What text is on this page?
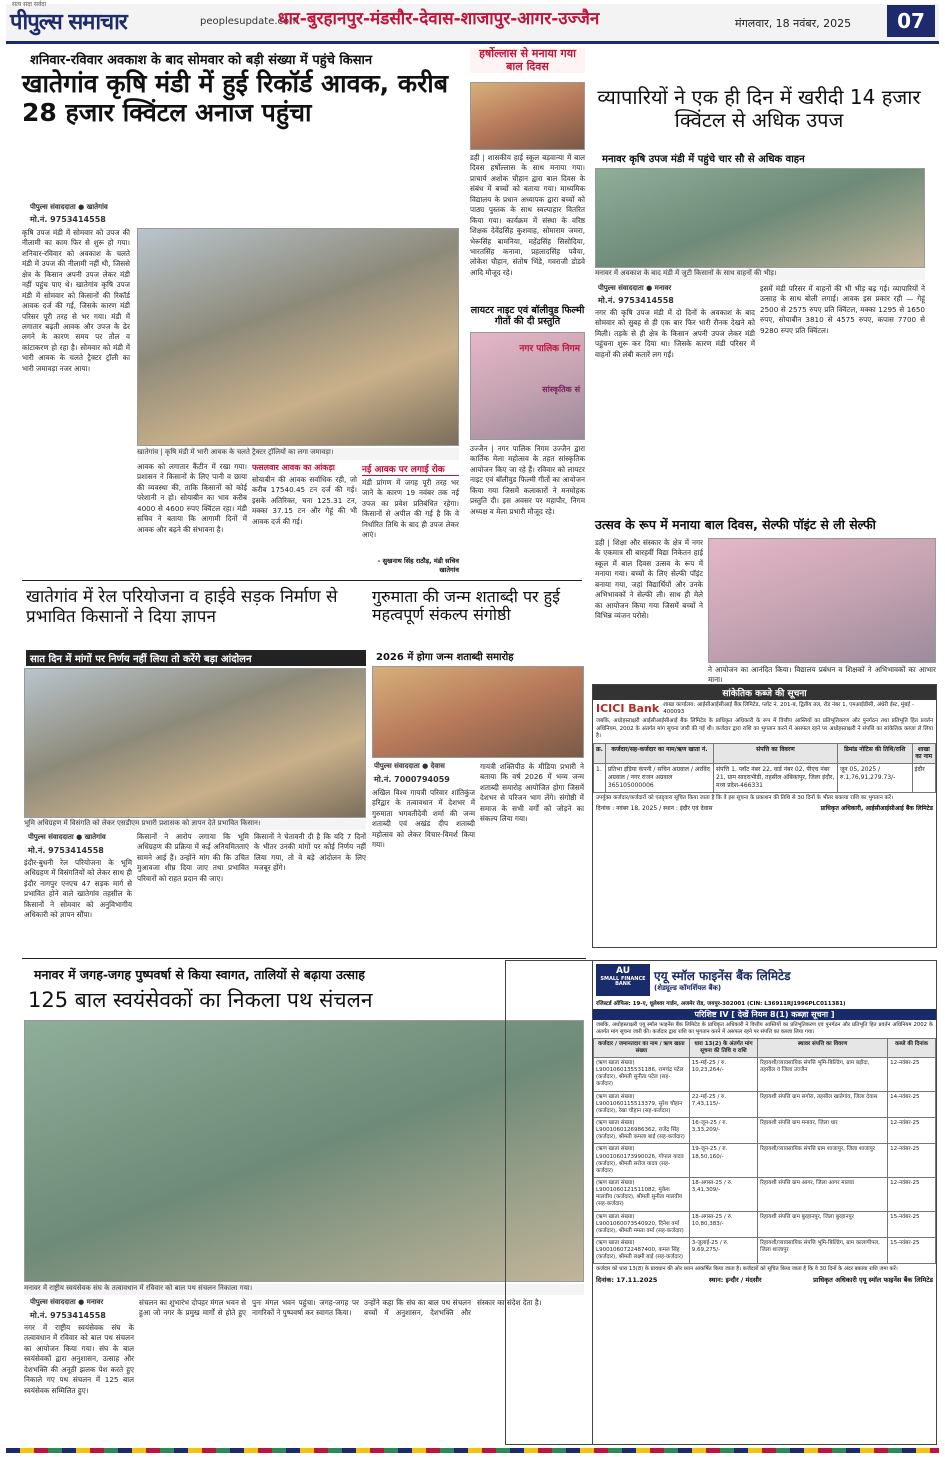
सत्य सदा सर्वदा
पीपुल्स समाचार	peoplesupdate.com
धार-बुरहानपुर-मंडसौर-देवास-शाजापुर-आगर-उज्जैन	मंगलवार, 18 नवंबर, 2025	07
शनिवार-रविवार अवकाश के बाद सोमवार को बड़ी संख्या में पहुंचे किसान
खातेगांव कृषि मंडी में हुई रिकॉर्ड आवक, करीब 28 हजार क्विंटल अनाज पहुंचा
पीपुल्स संवाददाता ● खातेगांव
मो.नं. 9753414558
कृषि उपज मंडी में सोमवार को उपज की नीलामी का काम फिर से शुरू हो गया। शनिवार-रविवार को अवकाश के चलते मंडी में उपज की नीलामी नहीं थी, जिससे क्षेत्र के किसान अपनी उपज लेकर मंडी नहीं पहुंच पाए थे। खातेगांव कृषि उपज मंडी में सोमवार को किसानों की रिकॉर्ड आवक दर्ज की गई, जिसके कारण मंडी परिसर पूरी तरह से भर गया। मंडी में लगातार बढ़ती आवक और उपज के ढेर लगने के कारण समय पर तौल व कांटाकरण हो रहा है। सोमवार को मंडी में भारी आवक के चलते ट्रैक्टर ट्रॉली का भारी जमावड़ा नजर आया।
खातेगांव | कृषि मंडी में भारी आवक के चलते ट्रैक्टर ट्रॉलियों का लगा जमावड़ा।
आवक को लगातार कैंटीन में रखा गया। प्रशासन ने किसानों के लिए पानी व छाया की व्यवस्था की, ताकि किसानों को कोई परेशानी न हो। सोयाबीन का भाव करीब 4000 से 4600 रुपए क्विंटल रहा। मंडी सचिव ने बताया कि आगामी दिनों में आवक और बढ़ने की संभावना है।
फसलवार आवक का आंकड़ा
सोयाबीन की आवक सर्वाधिक रही, जो करीब 17540.45 टन दर्ज की गई। इसके अतिरिक्त, चना 125.31 टन, मक्का 37.15 टन और गेहूं की भी आवक दर्ज की गई।
नई आवक पर लगाई रोक
मंडी प्रांगण में जगह पूरी तरह भर जाने के कारण 19 नवंबर तक नई उपज का प्रवेश प्रतिबंधित रहेगा। किसानों से अपील की गई है कि वे निर्धारित तिथि के बाद ही उपज लेकर आएं।
- सुखनाथ सिंह राठौड़, मंडी सचिव खातेगांव
हर्षोल्लास से मनाया गया बाल दिवस
डही | शासकीय हाई स्कूल बड़वान्या में बाल दिवस हर्षोल्लास के साथ मनाया गया। प्राचार्य अशोक चौहान द्वारा बाल दिवस के संबंध में बच्चों को बताया गया। माध्यमिक विद्यालय के प्रधान अध्यापक द्वारा बच्चों को पाठ्य पुस्तक के साथ स्वल्पाहार वितरित किया गया। कार्यक्रम में संस्था के वरिष्ठ शिक्षक देवेंद्रसिंह कुशवाह, सोमाराम जमरा, भेरूसिंह बामनिया, महेंद्रसिंह सिसोदिया, भारतसिंह कनावा, प्रहलादसिंह पवैया, लोकेश चौहान, संतोष भिंडे, गवराजी डोडवे आदि मौजूद रहे।
लायटर नाइट एवं बॉलीवुड फिल्मी गीतों की दी प्रस्तुति
नगर पालिक निगम
सांस्कृतिक सं
उज्जैन | नगर पालिक निगम उज्जैन द्वारा कार्तिक मेला महोत्सव के तहत सांस्कृतिक आयोजन किए जा रहे हैं। रविवार को लायटर नाइट एवं बॉलीवुड फिल्मी गीतों का आयोजन किया गया जिसमें कलाकारों ने मनमोहक प्रस्तुति दी। इस अवसर पर महापौर, निगम अध्यक्ष व मेला प्रभारी मौजूद रहे।
व्यापारियों ने एक ही दिन में खरीदी 14 हजार क्विंटल से अधिक उपज
मनावर कृषि उपज मंडी में पहुंचे चार सौ से अधिक वाहन
मनावर में अवकाश के बाद मंडी में जुटी किसानों के साथ वाहनों की भीड़।
पीपुल्स संवाददाता ● मनावर
मो.नं. 9753414558
नगर की कृषि उपज मंडी में दो दिनों के अवकाश के बाद सोमवार को सुबह से ही एक बार फिर भारी रौनक देखने को मिली। तड़के से ही क्षेत्र के किसान अपनी उपज लेकर मंडी पहुंचना शुरू कर दिया था। जिसके कारण मंडी परिसर में वाहनों की लंबी कतारें लग गईं।
इसमें मंडी परिसर में वाहनों की भी भीड़ बढ़ गई। व्यापारियों ने उत्साह के साथ बोली लगाई। आवक इस प्रकार रही — गेहूं 2500 से 2575 रुपए प्रति क्विंटल, मक्का 1295 से 1650 रुपए, सोयाबीन 3810 से 4575 रुपए, कपास 7700 से 9280 रुपए प्रति क्विंटल।
उत्सव के रूप में मनाया बाल दिवस, सेल्फी पॉइंट से ली सेल्फी
डही | शिक्षा और संस्कार के क्षेत्र में नगर के एकमात्र सी बारहवीं विद्या निकेतन हाई स्कूल में बाल दिवस उत्सव के रूप में मनाया गया। बच्चों के लिए सेल्फी पॉइंट बनाया गया, जहां विद्यार्थियों और उनके अभिभावकों ने सेल्फी ली। साथ ही मेले का आयोजन किया गया जिसमें बच्चों ने विभिन्न व्यंजन परोसे।
ने आयोजन का आनंदित किया। विद्यालय प्रबंधन व शिक्षकों ने अभिभावकों का आभार माना।
खातेगांव में रेल परियोजना व हाईवे सड़क निर्माण से प्रभावित किसानों ने दिया ज्ञापन
सात दिन में मांगों पर निर्णय नहीं लिया तो करेंगे बड़ा आंदोलन
भूमि अधिग्रहण में विसंगति को लेकर एसडीएम प्रभारी प्रशासक को ज्ञापन देते प्रभावित किसान।
पीपुल्स संवाददाता ● खातेगांव
मो.नं. 9753414558
इंदौर-बुधनी रेल परियोजना के भूमि अधिग्रहण में विसंगतियों को लेकर साथ ही इंदौर नागपुर एनएच 47 सड़क मार्ग से प्रभावित होने वाले खातेगांव तहसील के किसानों ने सोमवार को अनुविभागीय अधिकारी को ज्ञापन सौंपा।
किसानों ने आरोप लगाया कि भूमि अधिग्रहण की प्रक्रिया में कई अनियमितताएं सामने आई हैं। उन्होंने मांग की कि उचित मुआवजा शीघ्र दिया जाए तथा प्रभावित परिवारों को राहत प्रदान की जाए।
किसानों ने चेतावनी दी है कि यदि 7 दिनों के भीतर उनकी मांगों पर कोई निर्णय नहीं लिया गया, तो वे बड़े आंदोलन के लिए मजबूर होंगे।
गुरुमाता की जन्म शताब्दी पर हुई महत्वपूर्ण संकल्प संगोष्ठी
2026 में होगा जन्म शताब्दी समारोह
पीपुल्स संवाददाता ● देवास
मो.नं. 7000794059
अखिल विश्व गायत्री परिवार शांतिकुंज हरिद्वार के तत्वावधान में देशभर में गुरुमाता भगवतीदेवी शर्मा की जन्म शताब्दी एवं अखंड दीप शताब्दी महोत्सव को लेकर विचार-विमर्श किया गया।
गायत्री शक्तिपीठ के मीडिया प्रभारी ने बताया कि वर्ष 2026 में भव्य जन्म शताब्दी समारोह आयोजित होगा जिसमें देशभर से परिजन भाग लेंगे। संगोष्ठी में समाज के सभी वर्गों को जोड़ने का संकल्प लिया गया।
सांकेतिक कब्जे की सूचना
ICICI Bank शाखा कार्यालय: आईसीआईसीआई बैंक लिमिटेड, प्लॉट नं. 201-ब, द्वितीय तल, रोड नंबर 1, एमआईडीसी, अंधेरी ईस्ट, मुंबई - 400093
जबकि, अधोहस्ताक्षरी आईसीआईसीआई बैंक लिमिटेड के प्राधिकृत अधिकारी के रूप में वित्तीय आस्तियों का प्रतिभूतिकरण और पुनर्गठन तथा प्रतिभूति हित प्रवर्तन अधिनियम, 2002 के अंतर्गत मांग सूचना जारी की गई थी। कर्जदार द्वारा राशि का भुगतान करने में असफल रहने पर अधोहस्ताक्षरी ने संपत्ति का सांकेतिक कब्जा ले लिया है।
क्र.	कर्जदार/सह-कर्जदार का नाम/ऋण खाता नं.	संपत्ति का विवरण	डिमांड नोटिस की तिथि/राशि	शाखा का नाम
1.	प्रतिभा इंडिया कंपनी / सचिन अग्रवाल / अरविंद अग्रवाल / नगर राजन अग्रवाल 365105000006	संपत्ति 1. प्लॉट नंबर 22, वार्ड नंबर 02, पीएच नंबर 21, ग्राम सादराभीडी, तहसील अंबिकापुर, जिला इंदौर, मध्य प्रदेश-466331	जून 05, 2025 / रु.1,76,91,279.73/-	इंदौर
उपर्युक्त कर्जदार/कर्जदारों को एतद्द्वारा सूचित किया जाता है कि वे इस सूचना के प्रकाशन की तिथि से 30 दिनों के भीतर बकाया राशि का भुगतान करें।
दिनांक : नवंबर 18, 2025 / स्थान : इंदौर एवं देवास	प्राधिकृत अधिकारी, आईसीआईसीआई बैंक लिमिटेड
मनावर में जगह-जगह पुष्पवर्षा से किया स्वागत, तालियों से बढ़ाया उत्साह
125 बाल स्वयंसेवकों का निकला पथ संचलन
मनावर में राष्ट्रीय स्वयंसेवक संघ के तत्वावधान में रविवार को बाल पथ संचलन निकाला गया।
पीपुल्स संवाददाता ● मनावर
मो.नं. 9753414558
नगर में राष्ट्रीय स्वयंसेवक संघ के तत्वावधान में रविवार को बाल पथ संचलन का आयोजन किया गया। संघ के बाल स्वयंसेवकों द्वारा अनुशासन, उत्साह और देशभक्ति की अनूठी झलक पेश करते हुए निकाले गए पथ संचलन में 125 बाल स्वयंसेवक सम्मिलित हुए।
संचलन का शुभारंभ दोपहर मंगल भवन से हुआ जो नगर के प्रमुख मार्गों से होते हुए पुनः मंगल भवन पहुंचा। जगह-जगह पर नागरिकों ने पुष्पवर्षा कर स्वागत किया।
उन्होंने कहा कि संघ का बाल पथ संचलन बच्चों में अनुशासन, देशभक्ति और संस्कार का संदेश देता है।
AU
SMALL FINANCE BANK
एयू स्मॉल फाइनेंस बैंक लिमिटेड
(शेड्यूल्ड कॉमर्शियल बैंक)
रजिस्टर्ड ऑफिस: 19-ए, धूलेश्वर गार्डन, अजमेर रोड, जयपुर-302001 (CIN: L36911RJ1996PLC011381)
परिशिष्ट IV [ देखें नियम 8(1) कब्ज़ा सूचना ]
जबकि, अधोहस्ताक्षरी एयू स्मॉल फाइनेंस बैंक लिमिटेड के प्राधिकृत अधिकारी ने वित्तीय आस्तियों का प्रतिभूतिकरण एवं पुनर्गठन और प्रतिभूति हित प्रवर्तन अधिनियम 2002 के अंतर्गत मांग सूचना जारी की। कर्जदार द्वारा राशि का भुगतान करने में असफल रहने पर संपत्ति का कब्जा लिया गया।
कर्जदार / जमानतदार का नाम / ऋण खाता संख्या	धारा 13(2) के अंतर्गत मांग सूचना की तिथि व राशि	स्थावर संपत्ति का विवरण	कब्जे की दिनांक
(ऋण खाता संख्या) L9001060135531186, रामचंद्र पटेल (कर्जदार), श्रीमती सुनीता पटेल (सह-कर्जदार)	15-मई-25 / रु. 10,23,264/-	रिहायशी/व्यावसायिक संपत्ति भूमि-बिल्डिंग, ग्राम बड़ौदा, तहसील व जिला उज्जैन	12-नवंबर-25
(ऋण खाता संख्या) L9001060115513379, सुरेश चौहान (कर्जदार), रेखा चौहान (सह-कर्जदार)	22-मई-25 / रु. 7,43,115/-	रिहायशी संपत्ति ग्राम सगोरा, तहसील खातेगांव, जिला देवास	14-नवंबर-25
(ऋण खाता संख्या) L9001060126986362, राजेंद्र सिंह (कर्जदार), श्रीमती कमला बाई (सह-कर्जदार)	16-जून-25 / रु. 3,33,209/-	रिहायशी संपत्ति ग्राम मनावर, जिला धार	12-नवंबर-25
(ऋण खाता संख्या) L9001060173990026, गोपाल यादव (कर्जदार), श्रीमती सरोज यादव (सह-कर्जदार)	19-जून-25 / रु. 18,50,160/-	रिहायशी/व्यावसायिक संपत्ति ग्राम शाजापुर, जिला शाजापुर	12-नवंबर-25
(ऋण खाता संख्या) L9001060121511082, मुकेश मालवीय (कर्जदार), श्रीमती सुनीता मालवीय (सह-कर्जदार)	18-अगस्त-25 / रु. 3,41,309/-	रिहायशी संपत्ति ग्राम आगर, जिला आगर मालवा	12-नवंबर-25
(ऋण खाता संख्या) L9001060073540920, दिनेश वर्मा (कर्जदार), श्रीमती ममता वर्मा (सह-कर्जदार)	18-अगस्त-25 / रु. 10,80,383/-	रिहायशी संपत्ति ग्राम बुरहानपुर, जिला बुरहानपुर	15-नवंबर-25
(ऋण खाता संख्या) L9001060722487400, कमल सिंह (कर्जदार), श्रीमती लक्ष्मी बाई (सह-कर्जदार)	3-जुलाई-25 / रु. 9,69,275/-	रिहायशी/व्यावसायिक संपत्ति भूमि-बिल्डिंग, ग्राम कालापीपल, जिला शाजापुर	15-नवंबर-25
कर्जदार को धारा 13(8) के प्रावधान की ओर ध्यान आकर्षित किया जाता है। कर्जदारों को सूचित किया जाता है कि वे 30 दिनों के अंदर बकाया राशि जमा करें।
दिनांक: 17.11.2025	स्थान: इन्दौर / मंदसौर	प्राधिकृत अधिकारी एयू स्मॉल फाइनेंस बैंक लिमिटेड
